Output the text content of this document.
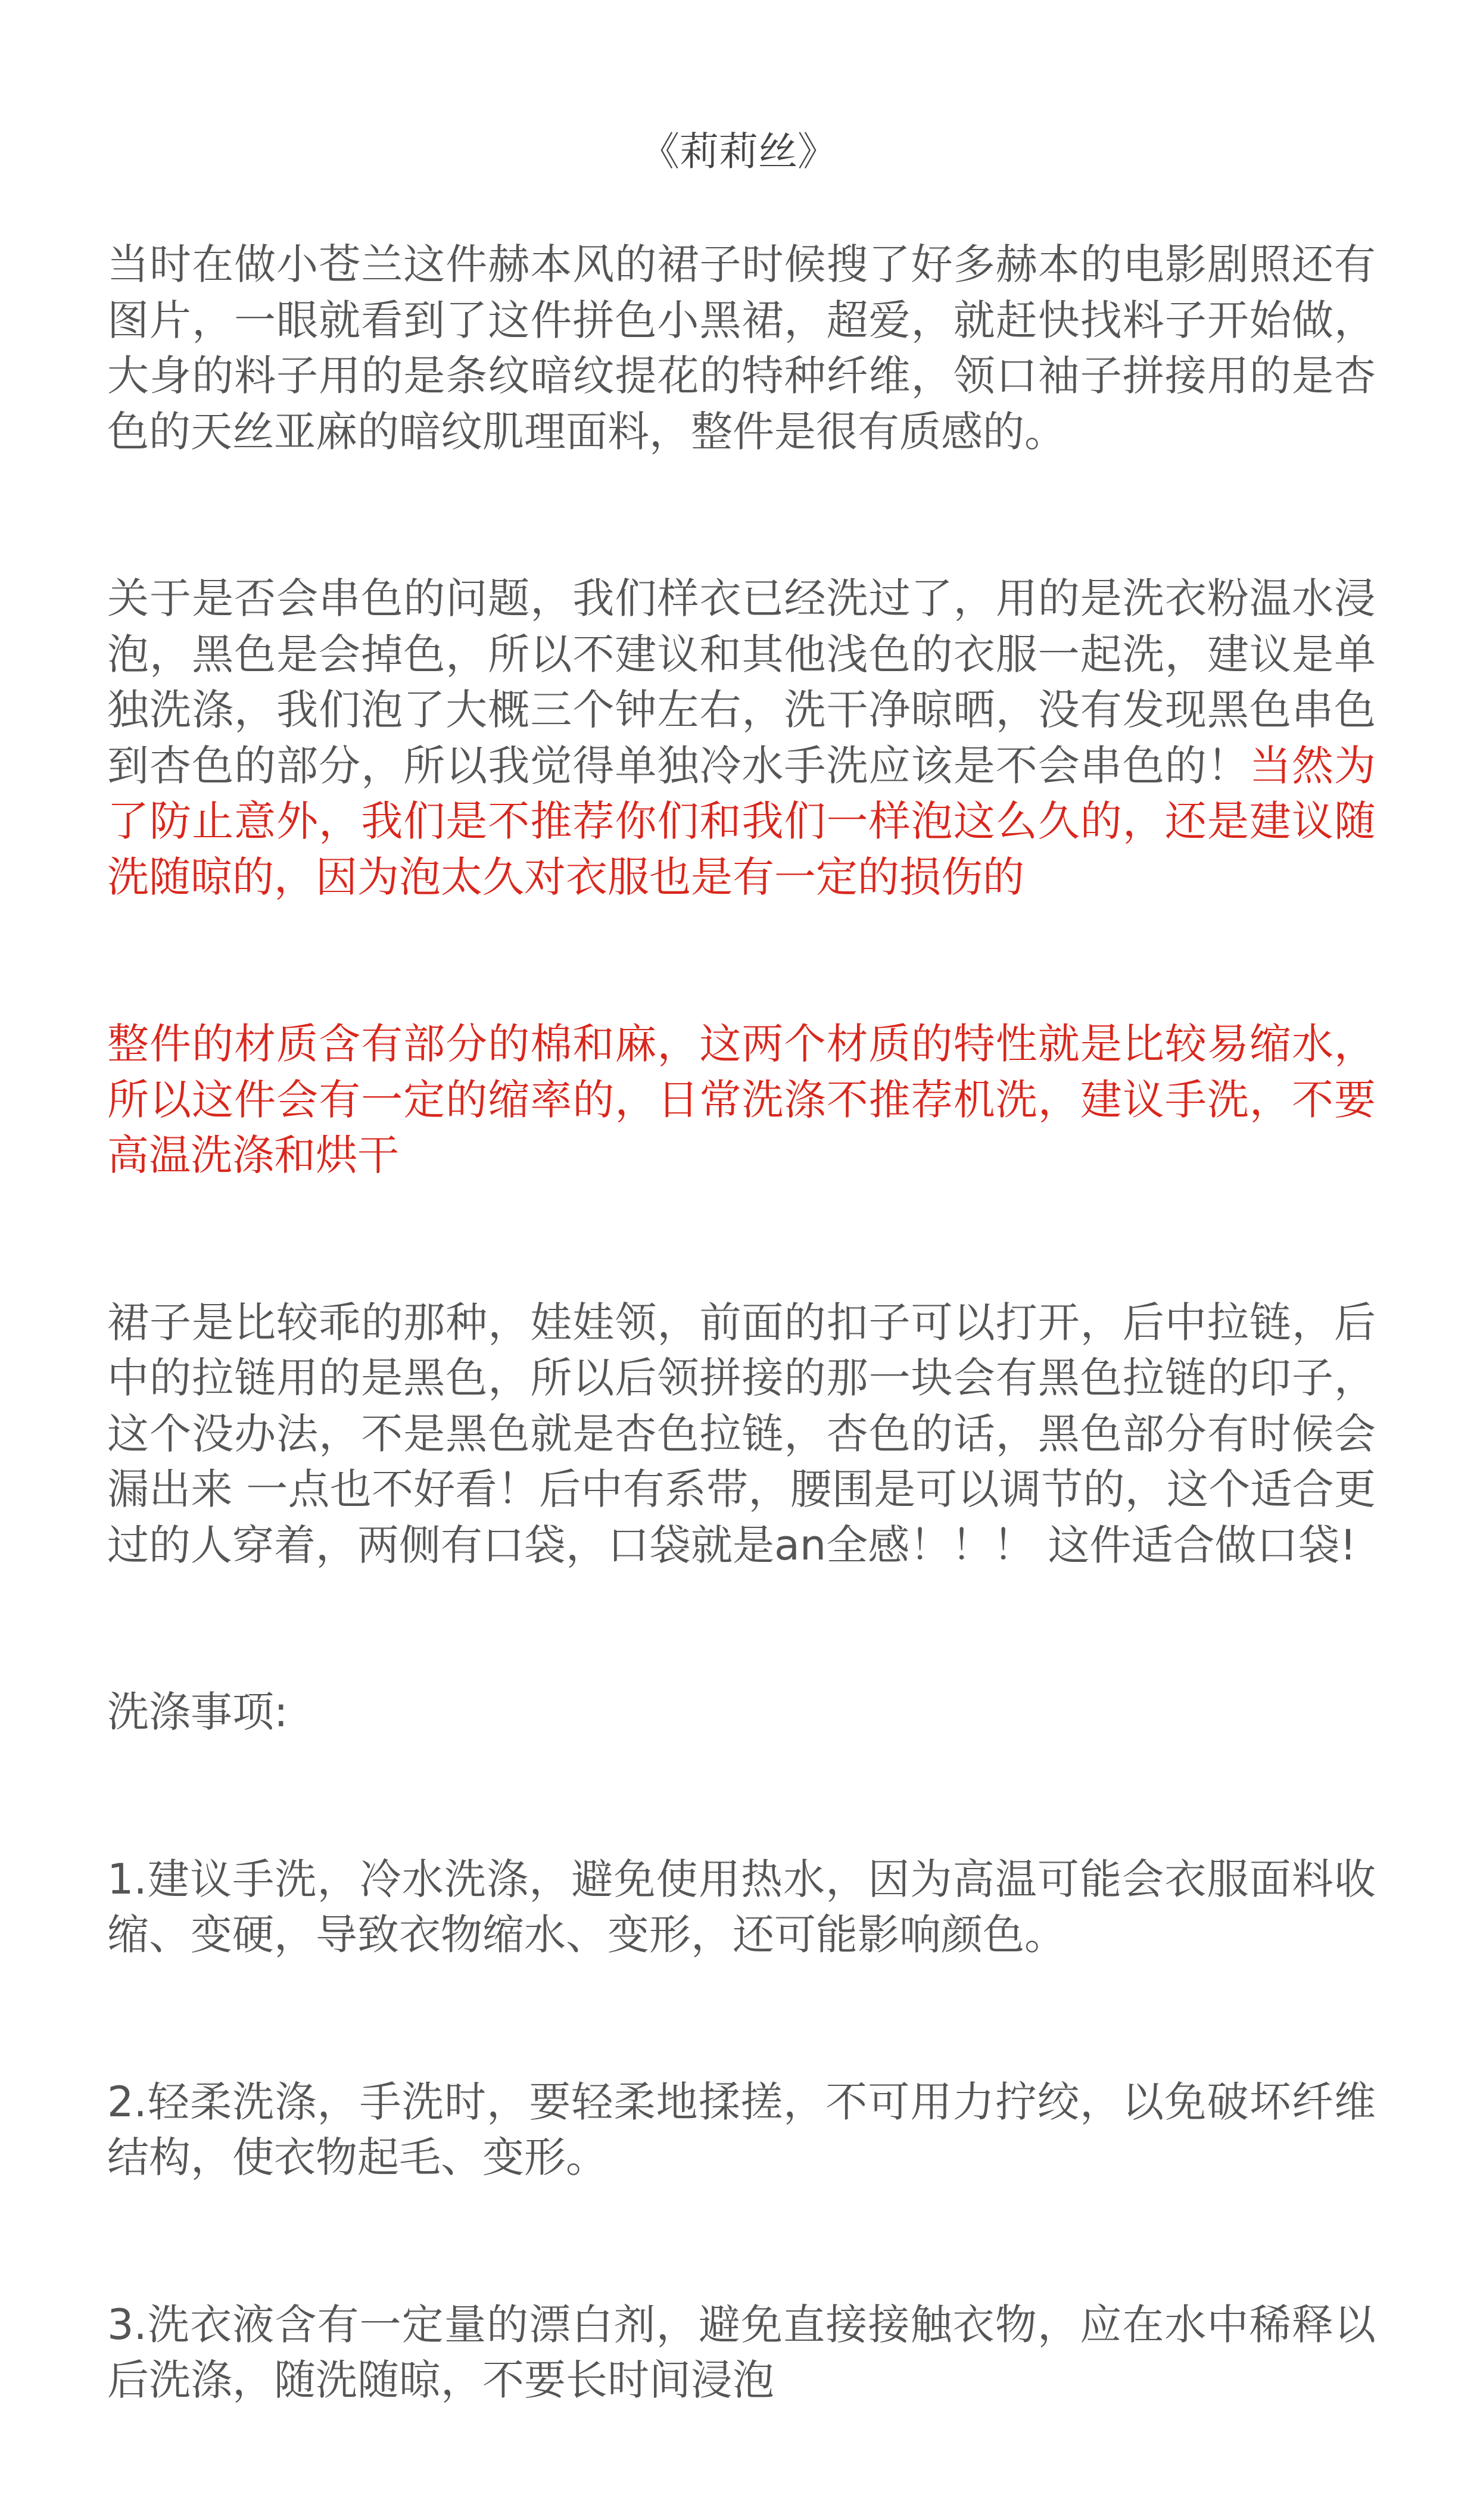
《莉莉丝》

当时在做小苍兰这件赫本风的裙子时候搜了好多赫本的电影剧照还有图片，一眼就看到了这件拼色小黑裙，超爱，就赶快找料子开始做，大身的料子用的是条纹暗纹提花的特种纤维，领口袖子拼接用的是杏色的天丝亚麻的暗纹肌理面料，整件是很有质感的。

关于是否会串色的问题，我们样衣已经洗过了，用的是洗衣粉温水浸泡，黑色是会掉色，所以不建议和其他浅色的衣服一起洗，建议是单独洗涤，我们泡了大概三个钟左右，洗干净晾晒，没有发现黑色串色到杏色的部分，所以我觉得单独冷水手洗应该是不会串色的！当然为了防止意外，我们是不推荐你们和我们一样泡这么久的，还是建议随洗随晾的，因为泡太久对衣服也是有一定的损伤的

整件的材质含有部分的棉和麻，这两个材质的特性就是比较易缩水，所以这件会有一定的缩率的，日常洗涤不推荐机洗，建议手洗，不要高温洗涤和烘干

裙子是比较乖的那种，娃娃领，前面的扣子可以打开，后中拉链，后中的拉链用的是黑色，所以后领拼接的那一块会有黑色拉链的印子，这个没办法，不是黑色就是杏色拉链，杏色的话，黑色部分有时候会漏出来 一点也不好看！后中有系带，腰围是可以调节的，这个适合更过的人穿着，两侧有口袋，口袋就是an全感！！！ 这件适合做口袋!

洗涤事项:

1.建议手洗，冷水洗涤，避免使用热水，因为高温可能会衣服面料收缩、变硬，导致衣物缩水、变形，还可能影响颜色。

2.轻柔洗涤，手洗时，要轻柔地揉搓，不可用力拧绞，以免破坏纤维结构，使衣物起毛、变形。

3.洗衣液含有一定量的漂白剂，避免直接接触衣物，应在水中稀释以后洗涤，随洗随晾，不要长时间浸泡
